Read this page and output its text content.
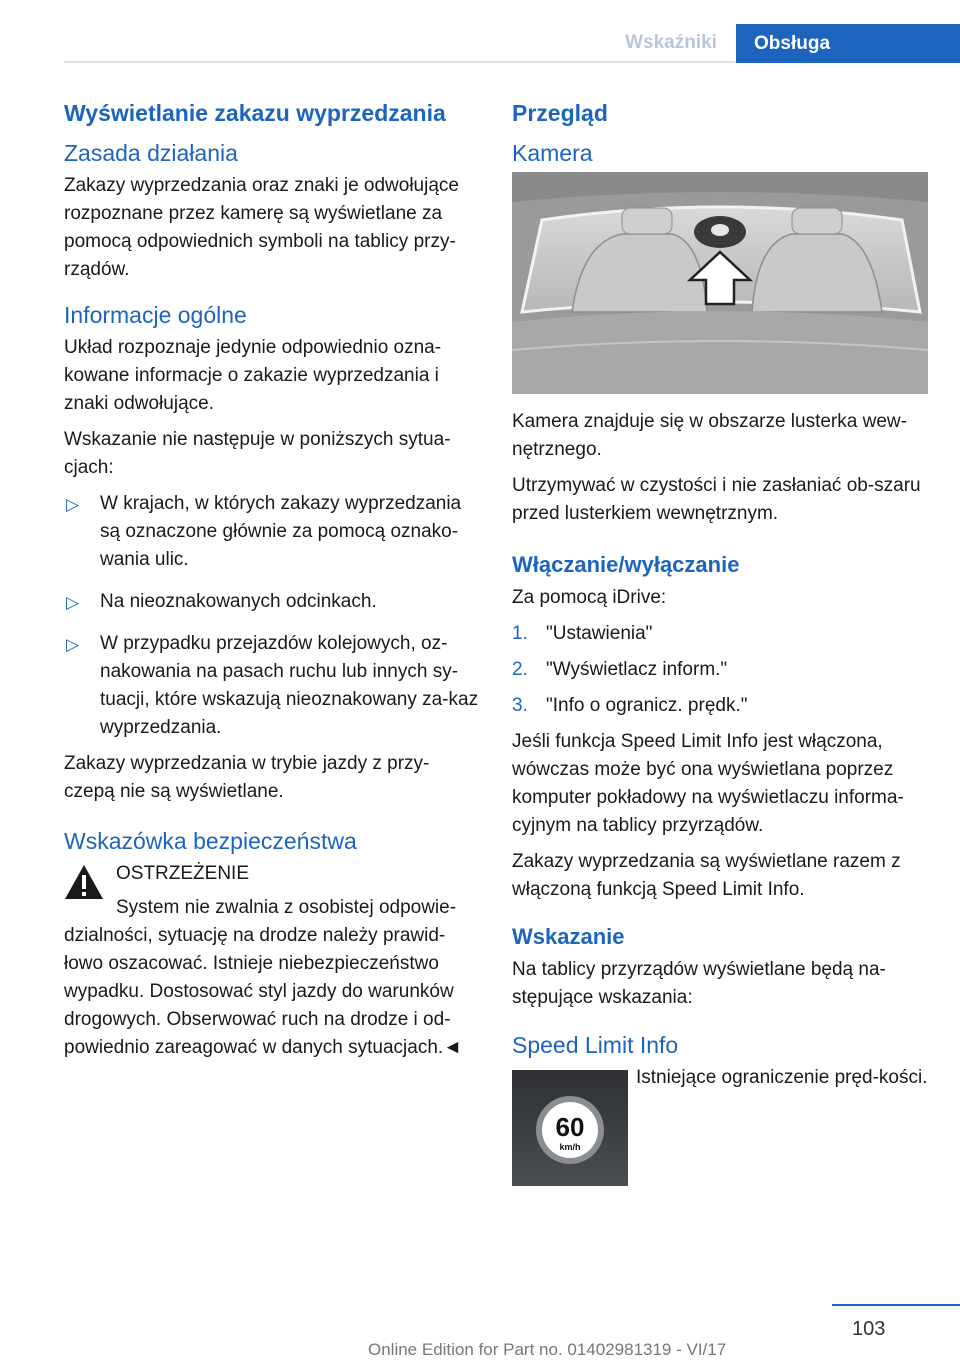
Wskaźniki	Obsługa
Wyświetlanie zakazu wyprzedzania
Zasada działania

Zakazy wyprzedzania oraz znaki je odwołujące rozpoznane przez kamerę są wyświetlane za pomocą odpowiednich symboli na tablicy przy-rządów.

Informacje ogólne

Układ rozpoznaje jedynie odpowiednio ozna-kowane informacje o zakazie wyprzedzania i znaki odwołujące.

Wskazanie nie następuje w poniższych sytua-cjach:

▷ W krajach, w których zakazy wyprzedzania są oznaczone głównie za pomocą oznako-wania ulic.
▷ Na nieoznakowanych odcinkach.
▷ W przypadku przejazdów kolejowych, oz-nakowania na pasach ruchu lub innych sy-tuacji, które wskazują nieoznakowany za-kaz wyprzedzania.

Zakazy wyprzedzania w trybie jazdy z przy-czepą nie są wyświetlane.

Wskazówka bezpieczeństwa
OSTRZEŻENIE

System nie zwalnia z osobistej odpowie-dzialności, sytuację na drodze należy prawid-łowo oszacować. Istnieje niebezpieczeństwo wypadku. Dostosować styl jazdy do warunków drogowych. Obserwować ruch na drodze i od-powiednio zareagować w danych sytuacjach.◄

Przegląd
Kamera

Kamera znajduje się w obszarze lusterka wew-nętrznego.

Utrzymywać w czystości i nie zasłaniać ob-szaru przed lusterkiem wewnętrznym.

Włączanie/wyłączanie

Za pomocą iDrive:

1. "Ustawienia"
2. "Wyświetlacz inform."
3. "Info o ogranicz. prędk."

Jeśli funkcja Speed Limit Info jest włączona, wówczas może być ona wyświetlana poprzez komputer pokładowy na wyświetlaczu informa-cyjnym na tablicy przyrządów.

Zakazy wyprzedzania są wyświetlane razem z włączoną funkcją Speed Limit Info.

Wskazanie

Na tablicy przyrządów wyświetlane będą na-stępujące wskazania:

Speed Limit Info
60
km/h
Istniejące ograniczenie pręd-kości.
103
Online Edition for Part no. 01402981319 - VI/17
